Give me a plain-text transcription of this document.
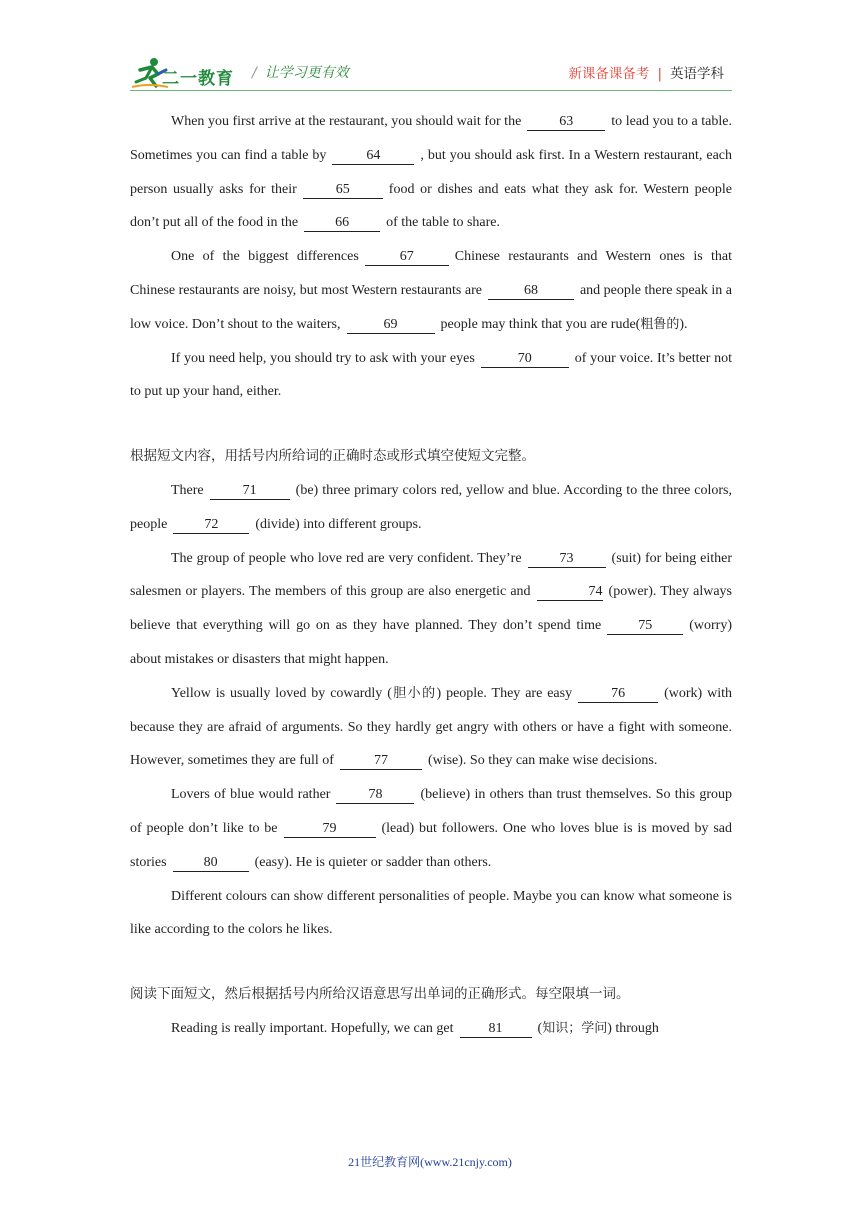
二一教育 / 让学习更有效	新课备课备考 | 英语学科

When you first arrive at the restaurant, you should wait for the	63	to lead you to a table. Sometimes you can find a table by	64	, but you should ask first. In a Western restaurant, each person usually asks for their	65	food or dishes and eats what they ask for. Western people don’t put all of the food in the	66	of the table to share.

One of the biggest differences	67	Chinese restaurants and Western ones is that Chinese restaurants are noisy, but most Western restaurants are	68	and people there speak in a low voice. Don’t shout to the waiters,	69	people may think that you are rude(粗鲁的).

If you need help, you should try to ask with your eyes	70	of your voice. It’s better not to put up your hand, either.

根据短文内容，用括号内所给词的正确时态或形式填空使短文完整。

There	71	(be) three primary colors red, yellow and blue. According to the three colors, people	72	(divide) into different groups.

The group of people who love red are very confident. They’re	73	(suit) for being either salesmen or players. The members of this group are also energetic and	74 (power). They always believe that everything will go on as they have planned. They don’t spend time	75	(worry) about mistakes or disasters that might happen.

Yellow is usually loved by cowardly (胆小的) people. They are easy	76	(work) with because they are afraid of arguments. So they hardly get angry with others or have a fight with someone. However, sometimes they are full of	77	(wise). So they can make wise decisions.

Lovers of blue would rather	78	(believe) in others than trust themselves. So this group of people don’t like to be	79	(lead) but followers. One who loves blue is is moved by sad stories	80	(easy). He is quieter or sadder than others.

Different colours can show different personalities of people. Maybe you can know what someone is like according to the colors he likes.

阅读下面短文，然后根据括号内所给汉语意思写出单词的正确形式。每空限填一词。

Reading is really important. Hopefully, we can get	81	(知识；学问) through

21世纪教育网(www.21cnjy.com)
